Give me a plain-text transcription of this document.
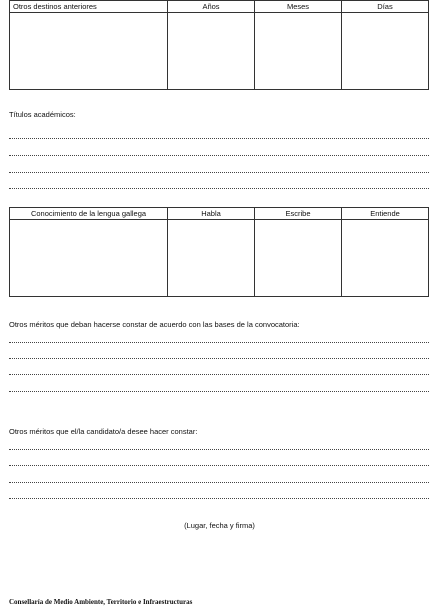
Otros destinos anteriores	Años	Meses	Días

Títulos académicos:
Conocimiento de la lengua gallega	Habla	Escribe	Entiende

Otros méritos que deban hacerse constar de acuerdo con las bases de la convocatoria:
Otros méritos que el/la candidato/a desee hacer constar:
(Lugar, fecha y firma)
Consellaría de Medio Ambiente, Territorio e Infraestructuras
